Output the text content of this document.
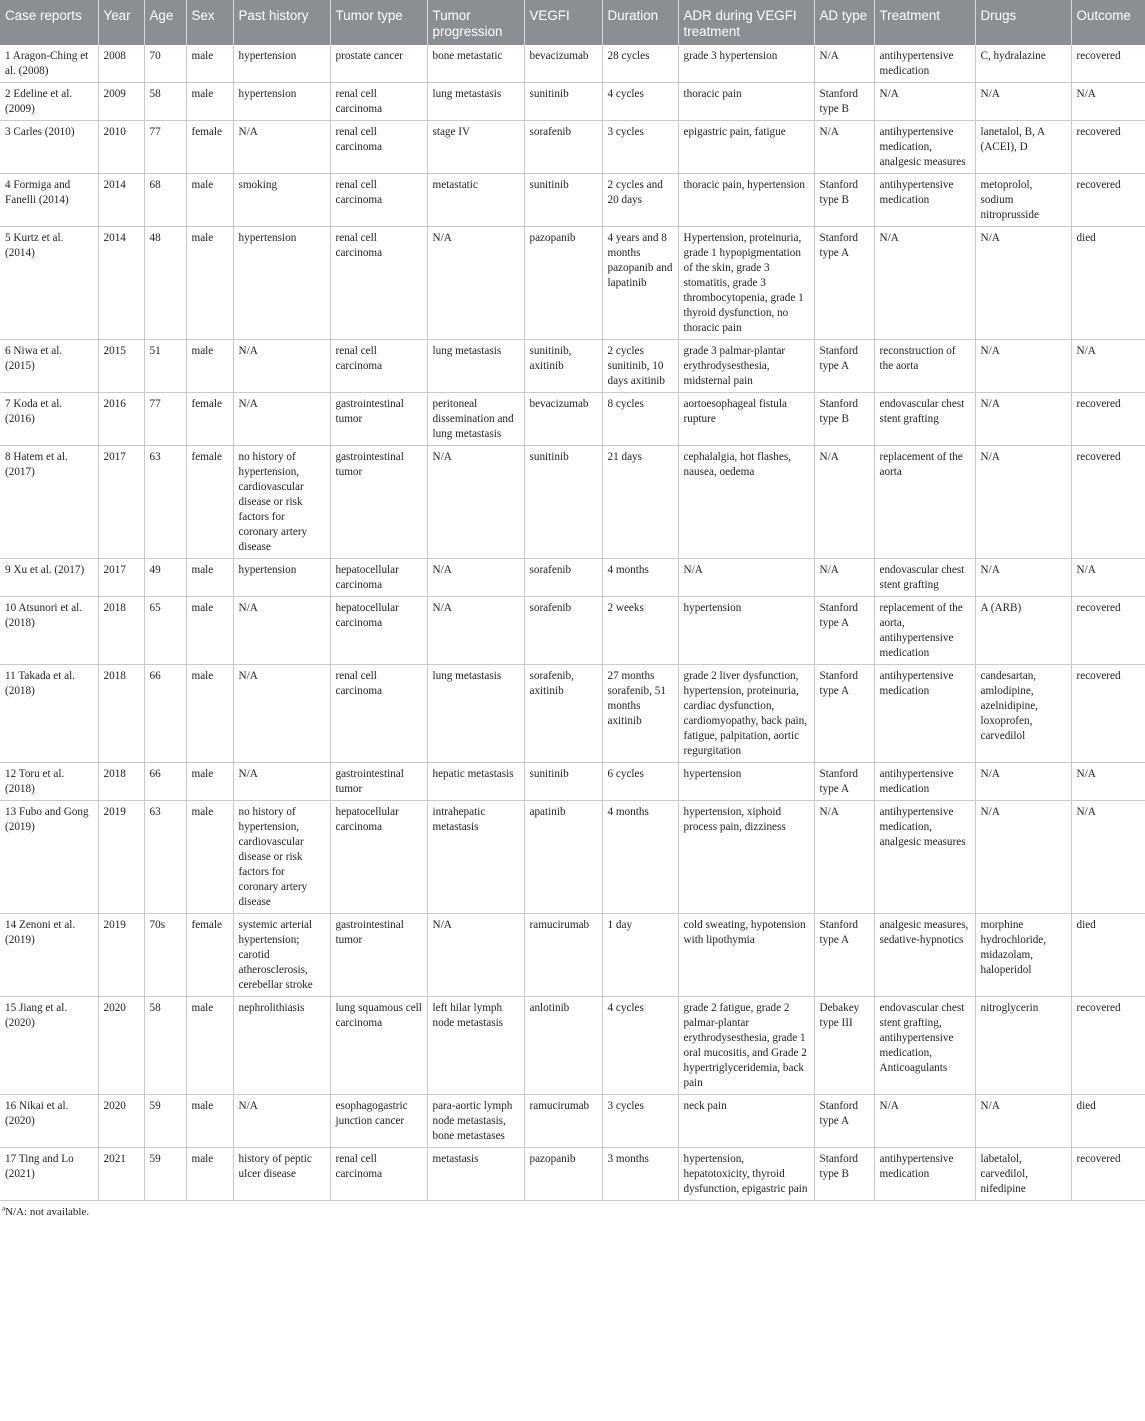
Case reports	Year	Age	Sex	Past history	Tumor type	Tumor progression	VEGFI	Duration	ADR during VEGFI treatment	AD type	Treatment	Drugs	Outcome
1 Aragon-Ching et al. (2008)	2008	70	male	hypertension	prostate cancer	bone metastatic	bevacizumab	28 cycles	grade 3 hypertension	N/A	antihypertensive medication	C, hydralazine	recovered
2 Edeline et al. (2009)	2009	58	male	hypertension	renal cell carcinoma	lung metastasis	sunitinib	4 cycles	thoracic pain	Stanford type B	N/A	N/A	N/A
3 Carles (2010)	2010	77	female	N/A	renal cell carcinoma	stage IV	sorafenib	3 cycles	epigastric pain, fatigue	N/A	antihypertensive medication, analgesic measures	lanetalol, B, A (ACEI), D	recovered
4 Formiga and Fanelli (2014)	2014	68	male	smoking	renal cell carcinoma	metastatic	sunitinib	2 cycles and 20 days	thoracic pain, hypertension	Stanford type B	antihypertensive medication	metoprolol, sodium nitroprusside	recovered
5 Kurtz et al. (2014)	2014	48	male	hypertension	renal cell carcinoma	N/A	pazopanib	4 years and 8 months pazopanib and lapatinib	Hypertension, proteinuria, grade 1 hypopigmentation of the skin, grade 3 stomatitis, grade 3 thrombocytopenia, grade 1 thyroid dysfunction, no thoracic pain	Stanford type A	N/A	N/A	died
6 Niwa et al. (2015)	2015	51	male	N/A	renal cell carcinoma	lung metastasis	sunitinib, axitinib	2 cycles sunitinib, 10 days axitinib	grade 3 palmar-plantar erythrodysesthesia, midsternal pain	Stanford type A	reconstruction of the aorta	N/A	N/A
7 Koda et al. (2016)	2016	77	female	N/A	gastrointestinal tumor	peritoneal dissemination and lung metastasis	bevacizumab	8 cycles	aortoesophageal fistula rupture	Stanford type B	endovascular chest stent grafting	N/A	recovered
8 Hatem et al. (2017)	2017	63	female	no history of hypertension, cardiovascular disease or risk factors for coronary artery disease	gastrointestinal tumor	N/A	sunitinib	21 days	cephalalgia, hot flashes, nausea, oedema	N/A	replacement of the aorta	N/A	recovered
9 Xu et al. (2017)	2017	49	male	hypertension	hepatocellular carcinoma	N/A	sorafenib	4 months	N/A	N/A	endovascular chest stent grafting	N/A	N/A
10 Atsunori et al. (2018)	2018	65	male	N/A	hepatocellular carcinoma	N/A	sorafenib	2 weeks	hypertension	Stanford type A	replacement of the aorta, antihypertensive medication	A (ARB)	recovered
11 Takada et al. (2018)	2018	66	male	N/A	renal cell carcinoma	lung metastasis	sorafenib, axitinib	27 months sorafenib, 51 months axitinib	grade 2 liver dysfunction, hypertension, proteinuria, cardiac dysfunction, cardiomyopathy, back pain, fatigue, palpitation, aortic regurgitation	Stanford type A	antihypertensive medication	candesartan, amlodipine, azelnidipine, loxoprofen, carvedilol	recovered
12 Toru et al. (2018)	2018	66	male	N/A	gastrointestinal tumor	hepatic metastasis	sunitinib	6 cycles	hypertension	Stanford type A	antihypertensive medication	N/A	N/A
13 Fubo and Gong (2019)	2019	63	male	no history of hypertension, cardiovascular disease or risk factors for coronary artery disease	hepatocellular carcinoma	intrahepatic metastasis	apatinib	4 months	hypertension, xiphoid process pain, dizziness	N/A	antihypertensive medication, analgesic measures	N/A	N/A
14 Zenoni et al. (2019)	2019	70s	female	systemic arterial hypertension; carotid atherosclerosis, cerebellar stroke	gastrointestinal tumor	N/A	ramucirumab	1 day	cold sweating, hypotension with lipothymia	Stanford type A	analgesic measures, sedative-hypnotics	morphine hydrochloride, midazolam, haloperidol	died
15 Jiang et al. (2020)	2020	58	male	nephrolithiasis	lung squamous cell carcinoma	left hilar lymph node metastasis	anlotinib	4 cycles	grade 2 fatigue, grade 2 palmar-plantar erythrodysesthesia, grade 1 oral mucositis, and Grade 2 hypertriglyceridemia, back pain	Debakey type III	endovascular chest stent grafting, antihypertensive medication, Anticoagulants	nitroglycerin	recovered
16 Nikai et al. (2020)	2020	59	male	N/A	esophagogastric junction cancer	para-aortic lymph node metastasis, bone metastases	ramucirumab	3 cycles	neck pain	Stanford type A	N/A	N/A	died
17 Ting and Lo (2021)	2021	59	male	history of peptic ulcer disease	renal cell carcinoma	metastasis	pazopanib	3 months	hypertension, hepatotoxicity, thyroid dysfunction, epigastric pain	Stanford type B	antihypertensive medication	labetalol, carvedilol, nifedipine	recovered
$^a$N/A: not available.
